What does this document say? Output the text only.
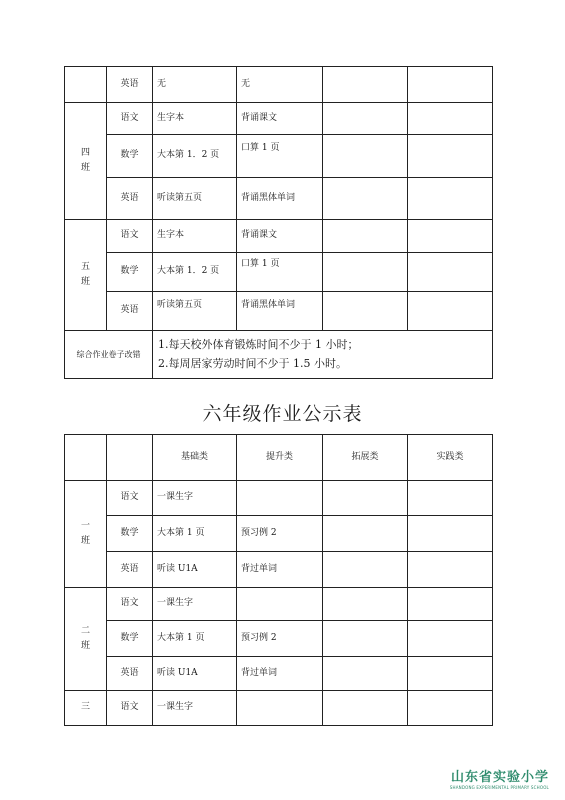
	英语	无	无		
四班	语文	生字本	背诵课文		
	数学	大本第 1．2 页	口算 1 页		
	英语	听读第五页	背诵黑体单词		
五班	语文	生字本	背诵课文		
	数学	大本第 1．2 页	口算 1 页		
	英语	听读第五页	背诵黑体单词		
综合作业卷子改错		1.每天校外体育锻炼时间不少于 1 小时；
2.每周居家劳动时间不少于 1.5 小时。			
六年级作业公示表
		基础类	提升类	拓展类	实践类
一班	语文	一课生字			
	数学	大本第 1 页	预习例 2		
	英语	听读 U1A	背过单词		
二班	语文	一课生字			
	数学	大本第 1 页	预习例 2		
	英语	听读 U1A	背过单词		
三	语文	一课生字			
山东省实验小学
SHANDONG EXPERIMENTAL PRIMARY SCHOOL
